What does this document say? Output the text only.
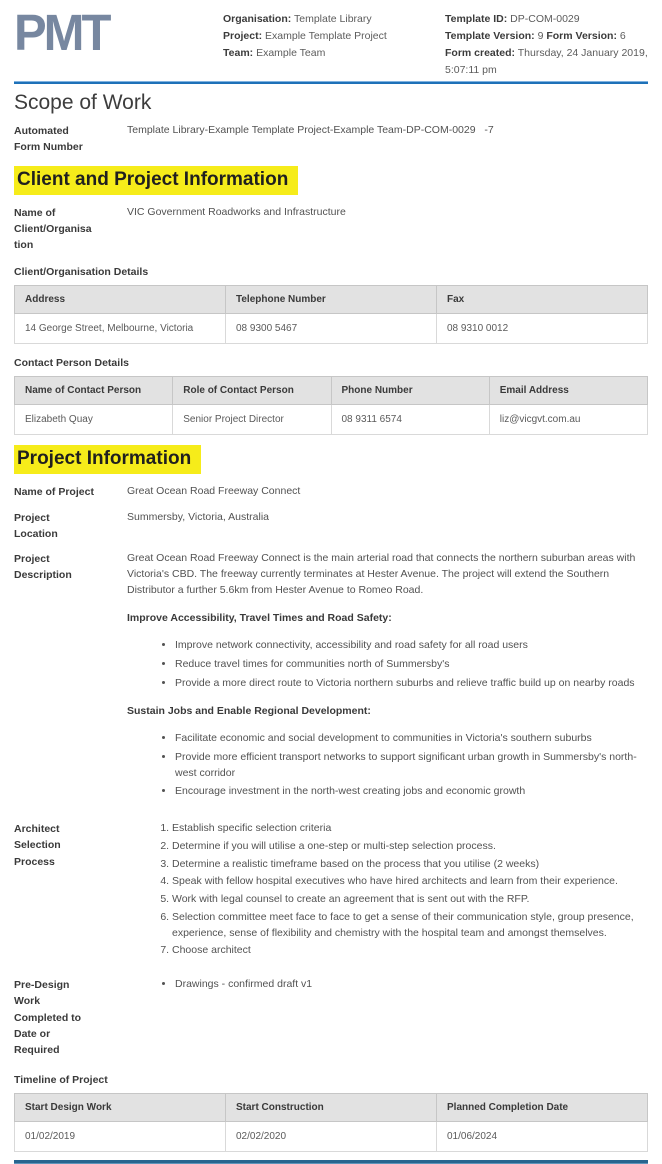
PMT	Organisation: Template Library
Project: Example Template Project
Team: Example Team
Template ID: DP-COM-0029
Template Version: 9 Form Version: 6
Form created: Thursday, 24 January 2019, 5:07:11 pm
Scope of Work
Automated Form Number
Template Library-Example Template Project-Example Team-DP-COM-0029   -7
Client and Project Information
Name of Client/Organisation
VIC Government Roadworks and Infrastructure
Client/Organisation Details
Address	Telephone Number	Fax
14 George Street, Melbourne, Victoria	08 9300 5467	08 9310 0012
Contact Person Details
Name of Contact Person	Role of Contact Person	Phone Number	Email Address
Elizabeth Quay	Senior Project Director	08 9311 6574	liz@vicgvt.com.au
Project Information
Name of Project	Great Ocean Road Freeway Connect
Project Location
Summersby, Victoria, Australia
Project Description

Great Ocean Road Freeway Connect is the main arterial road that connects the northern suburban areas with Victoria's CBD. The freeway currently terminates at Hester Avenue. The project will extend the Southern Distributor a further 5.6km from Hester Avenue to Romeo Road.

Improve Accessibility, Travel Times and Road Safety:
• Improve network connectivity, accessibility and road safety for all road users
• Reduce travel times for communities north of Summersby's
• Provide a more direct route to Victoria northern suburbs and relieve traffic build up on nearby roads
Sustain Jobs and Enable Regional Development:
• Facilitate economic and social development to communities in Victoria's southern suburbs
• Provide more efficient transport networks to support significant urban growth in Summersby's north-west corridor
• Encourage investment in the north-west creating jobs and economic growth
Architect Selection Process
1. Establish specific selection criteria
2. Determine if you will utilise a one-step or multi-step selection process.
3. Determine a realistic timeframe based on the process that you utilise (2 weeks)
4. Speak with fellow hospital executives who have hired architects and learn from their experience.
5. Work with legal counsel to create an agreement that is sent out with the RFP.
6. Selection committee meet face to face to get a sense of their communication style, group presence, experience, sense of flexibility and chemistry with the hospital team and amongst themselves.
7. Choose architect
Pre-Design Work Completed to Date or Required
• Drawings - confirmed draft v1
Timeline of Project
Start Design Work	Start Construction	Planned Completion Date
01/02/2019	02/02/2020	01/06/2024
